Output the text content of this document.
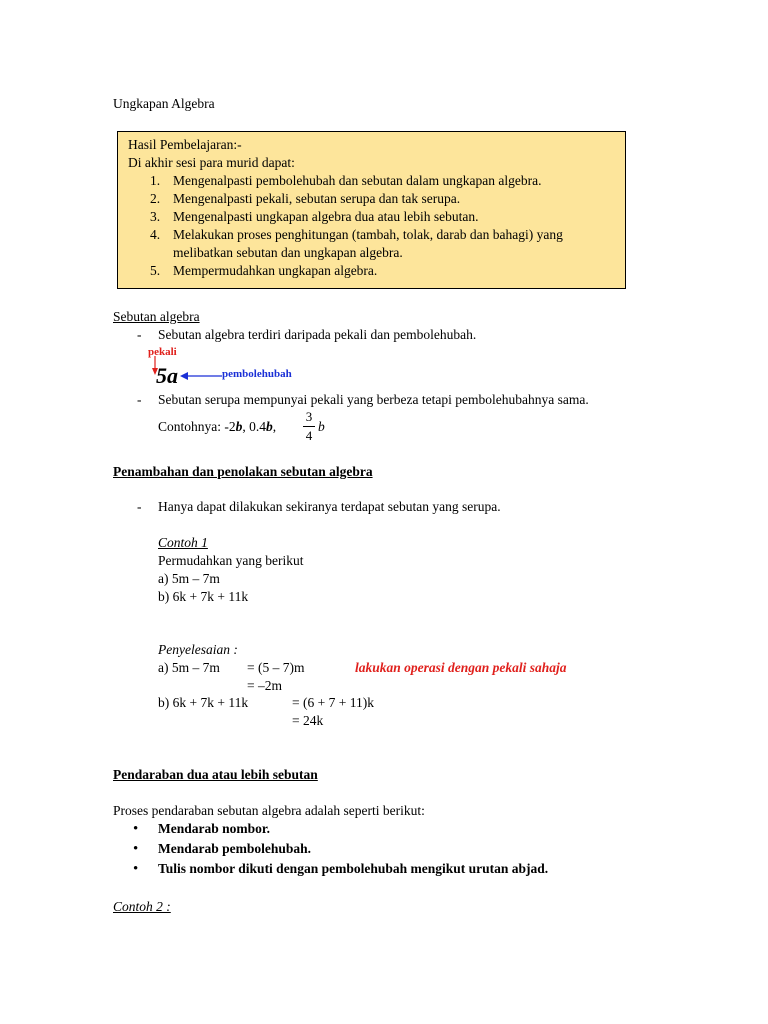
Ungkapan Algebra
Hasil Pembelajaran:-
Di akhir sesi para murid dapat:
1. Mengenalpasti pembolehubah dan sebutan dalam ungkapan algebra.
2. Mengenalpasti pekali, sebutan serupa dan tak serupa.
3. Mengenalpasti ungkapan algebra dua atau lebih sebutan.
4. Melakukan proses penghitungan (tambah, tolak, darab dan bahagi) yang melibatkan sebutan dan ungkapan algebra.
5. Mempermudahkan ungkapan algebra.
Sebutan algebra
- Sebutan algebra terdiri daripada pekali dan pembolehubah.
pekali
5a	pembolehubah
- Sebutan serupa mempunyai pekali yang berbeza tetapi pembolehubahnya sama.
Contohnya: -2b, 0.4b,
3
4
b
Penambahan dan penolakan sebutan algebra
- Hanya dapat dilakukan sekiranya terdapat sebutan yang serupa.
Contoh 1
Permudahkan yang berikut
a) 5m – 7m
b) 6k + 7k + 11k
Penyelesaian :
a) 5m – 7m = (5 – 7)m	lakukan operasi dengan pekali sahaja
= –2m
b) 6k + 7k + 11k	= (6 + 7 + 11)k
= 24k
Pendaraban dua atau lebih sebutan
Proses pendaraban sebutan algebra adalah seperti berikut:
• Mendarab nombor.
• Mendarab pembolehubah.
• Tulis nombor dikuti dengan pembolehubah mengikut urutan abjad.
Contoh 2 :
